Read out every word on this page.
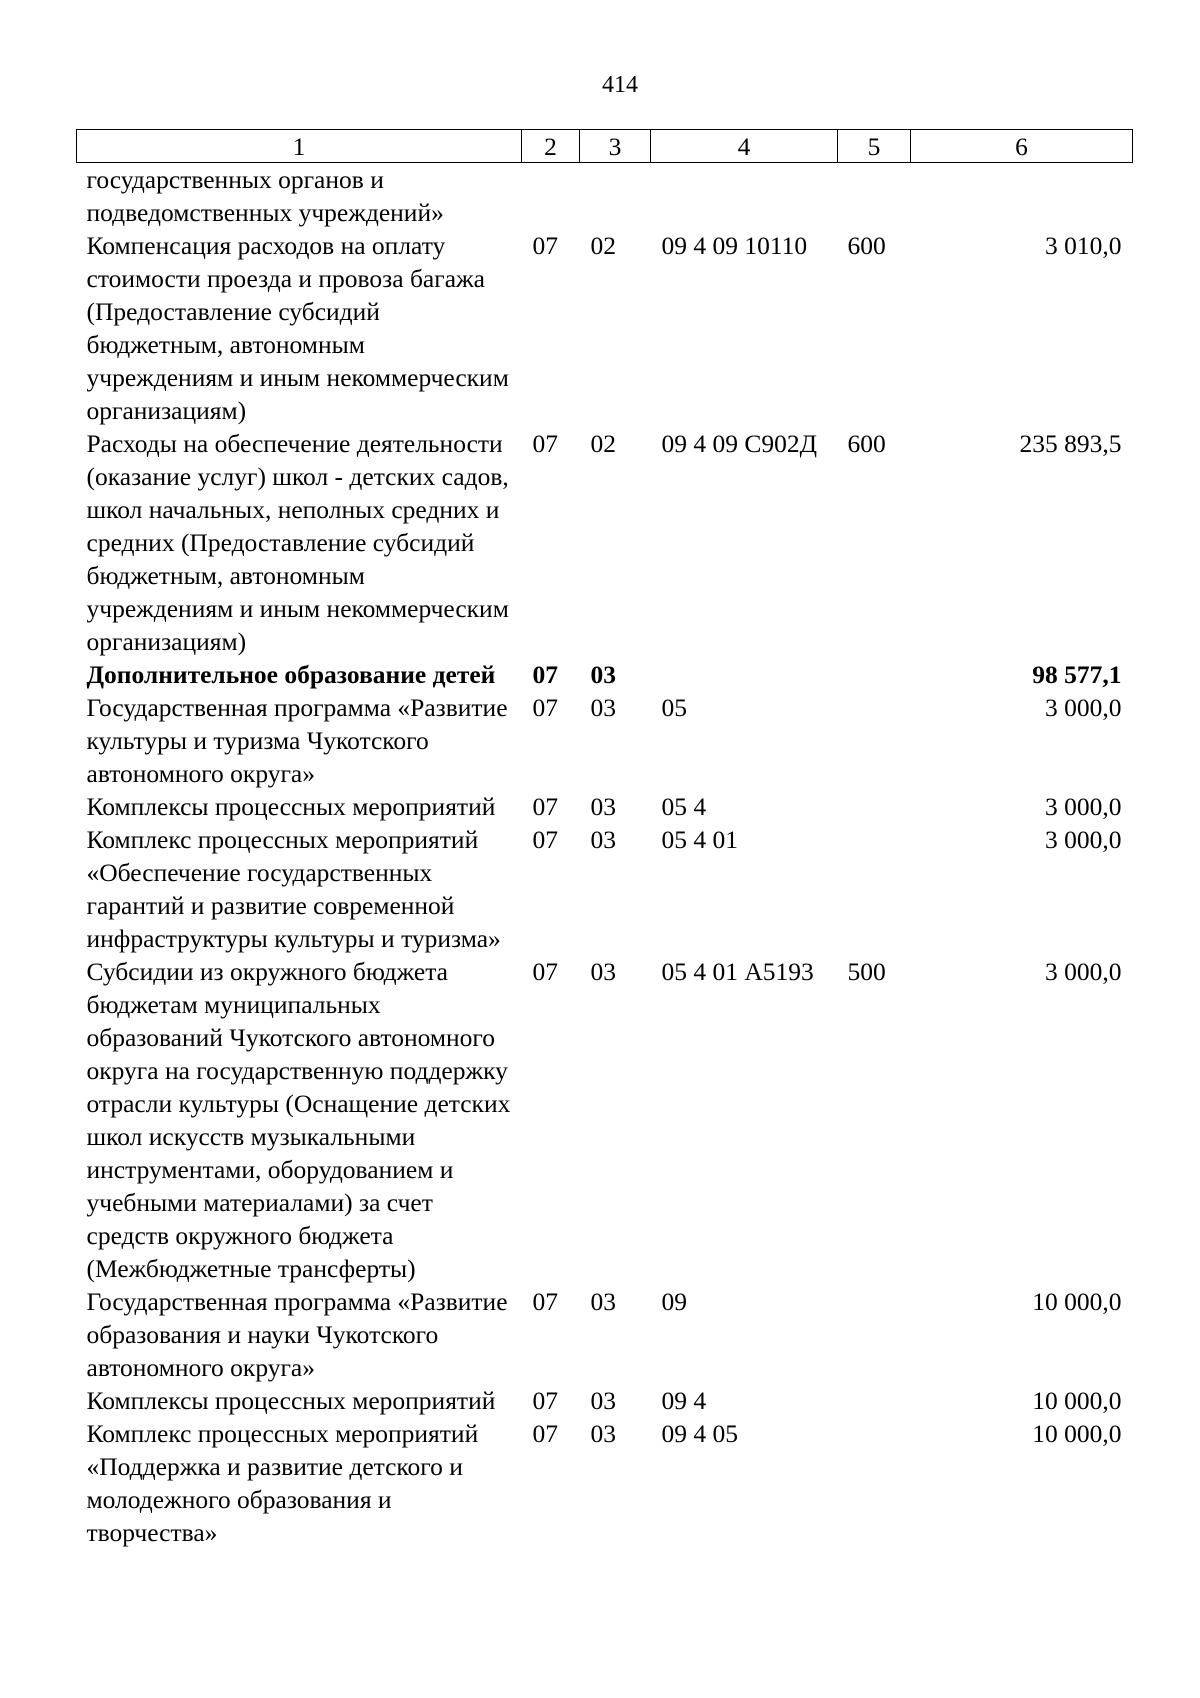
414
1	2	3	4	5	6
государственных органов и подведомственных учреждений»					
Компенсация расходов на оплату стоимости проезда и провоза багажа (Предоставление субсидий бюджетным, автономным учреждениям и иным некоммерческим организациям)	07	02	09 4 09 10110	600	3 010,0
Расходы на обеспечение деятельности (оказание услуг) школ - детских садов, школ начальных, неполных средних и средних (Предоставление субсидий бюджетным, автономным учреждениям и иным некоммерческим организациям)	07	02	09 4 09 С902Д	600	235 893,5
Дополнительное образование детей	07	03			98 577,1
Государственная программа «Развитие культуры и туризма Чукотского автономного округа»	07	03	05		3 000,0
Комплексы процессных мероприятий	07	03	05 4		3 000,0
Комплекс процессных мероприятий «Обеспечение государственных гарантий и развитие современной инфраструктуры культуры и туризма»	07	03	05 4 01		3 000,0
Субсидии из окружного бюджета бюджетам муниципальных образований Чукотского автономного округа на государственную поддержку отрасли культуры (Оснащение детских школ искусств музыкальными инструментами, оборудованием и учебными материалами) за счет средств окружного бюджета (Межбюджетные трансферты)	07	03	05 4 01 А5193	500	3 000,0
Государственная программа «Развитие образования и науки Чукотского автономного округа»	07	03	09		10 000,0
Комплексы процессных мероприятий	07	03	09 4		10 000,0
Комплекс процессных мероприятий «Поддержка и развитие детского и молодежного образования и творчества»	07	03	09 4 05		10 000,0
